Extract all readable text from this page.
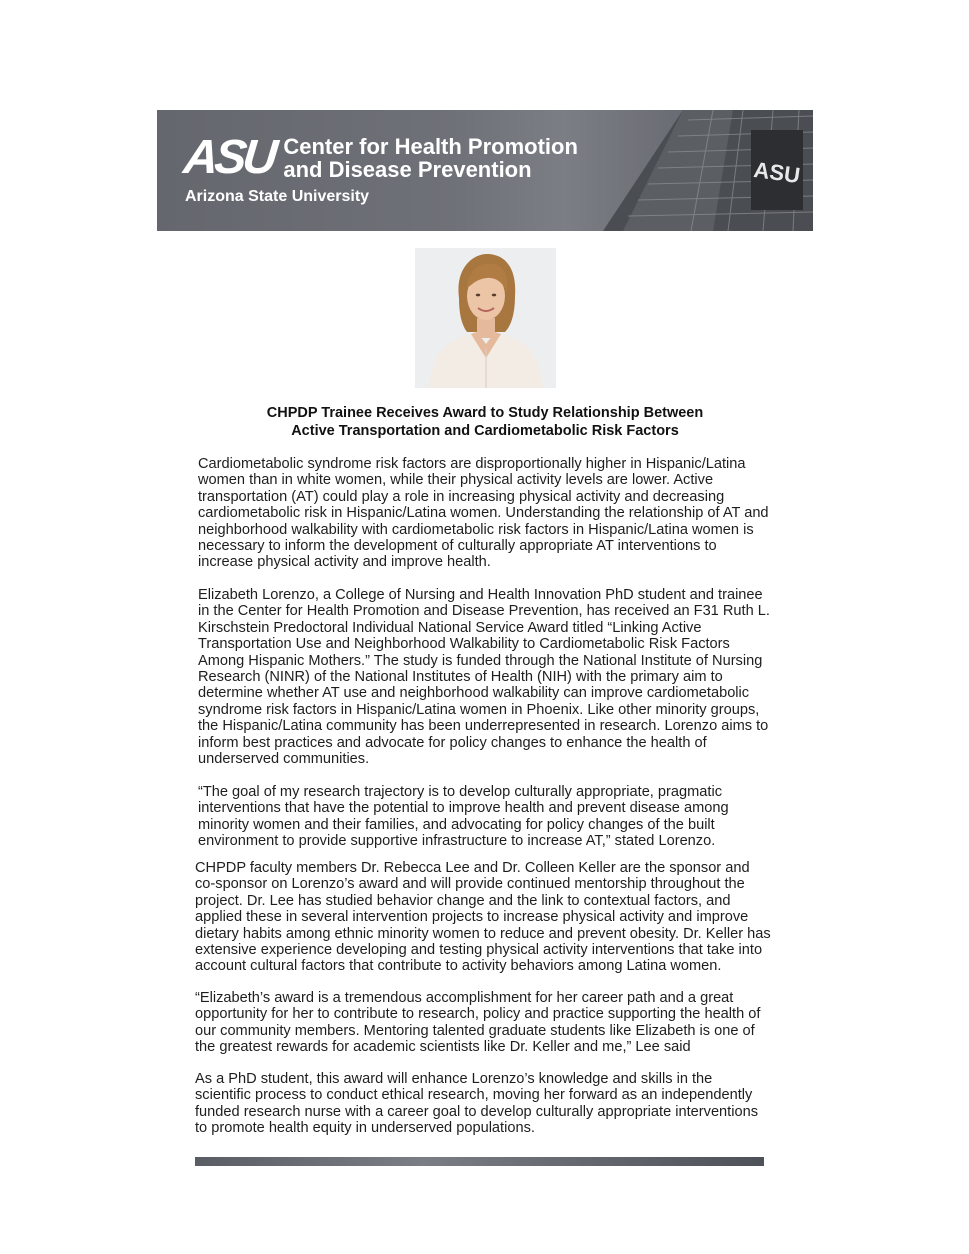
ASU
ASU Center for Health Promotion
and Disease Prevention
Arizona State University
CHPDP Trainee Receives Award to Study Relationship Between
Active Transportation and Cardiometabolic Risk Factors

Cardiometabolic syndrome risk factors are disproportionally higher in Hispanic/Latina women than in white women, while their physical activity levels are lower. Active transportation (AT) could play a role in increasing physical activity and decreasing cardiometabolic risk in Hispanic/Latina women. Understanding the relationship of AT and neighborhood walkability with cardiometabolic risk factors in Hispanic/Latina women is necessary to inform the development of culturally appropriate AT interventions to increase physical activity and improve health.

Elizabeth Lorenzo, a College of Nursing and Health Innovation PhD student and trainee in the Center for Health Promotion and Disease Prevention, has received an F31 Ruth L. Kirschstein Predoctoral Individual National Service Award titled “Linking Active Transportation Use and Neighborhood Walkability to Cardiometabolic Risk Factors Among Hispanic Mothers.” The study is funded through the National Institute of Nursing Research (NINR) of the National Institutes of Health (NIH) with the primary aim to determine whether AT use and neighborhood walkability can improve cardiometabolic syndrome risk factors in Hispanic/Latina women in Phoenix. Like other minority groups, the Hispanic/Latina community has been underrepresented in research. Lorenzo aims to inform best practices and advocate for policy changes to enhance the health of underserved communities.

“The goal of my research trajectory is to develop culturally appropriate, pragmatic interventions that have the potential to improve health and prevent disease among minority women and their families, and advocating for policy changes of the built environment to provide supportive infrastructure to increase AT,” stated Lorenzo.

CHPDP faculty members Dr. Rebecca Lee and Dr. Colleen Keller are the sponsor and co-sponsor on Lorenzo’s award and will provide continued mentorship throughout the project. Dr. Lee has studied behavior change and the link to contextual factors, and applied these in several intervention projects to increase physical activity and improve dietary habits among ethnic minority women to reduce and prevent obesity. Dr. Keller has extensive experience developing and testing physical activity interventions that take into account cultural factors that contribute to activity behaviors among Latina women.

“Elizabeth’s award is a tremendous accomplishment for her career path and a great opportunity for her to contribute to research, policy and practice supporting the health of our community members. Mentoring talented graduate students like Elizabeth is one of the greatest rewards for academic scientists like Dr. Keller and me,” Lee said

As a PhD student, this award will enhance Lorenzo’s knowledge and skills in the scientific process to conduct ethical research, moving her forward as an independently funded research nurse with a career goal to develop culturally appropriate interventions to promote health equity in underserved populations.
